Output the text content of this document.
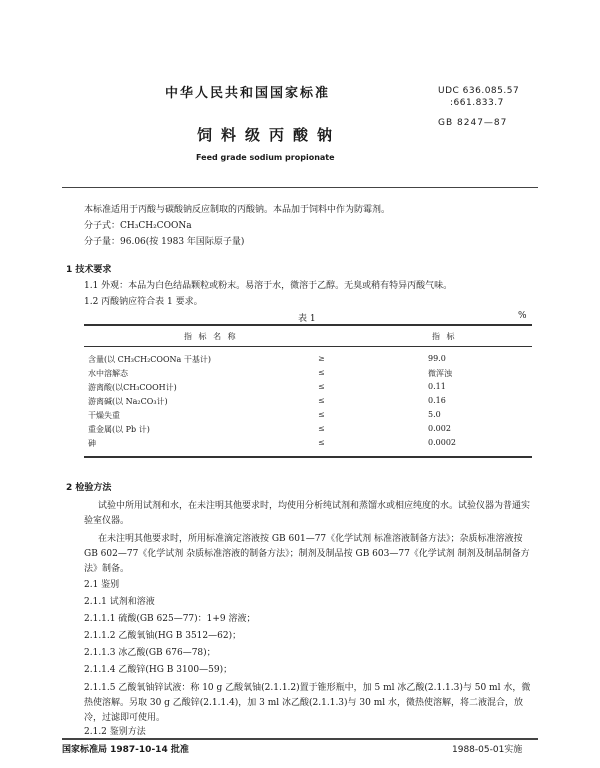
中华人民共和国国家标准	UDC 636.085.57
:661.833.7
GB 8247—87
饲料级丙酸钠
Feed grade sodium propionate
本标准适用于丙酸与碳酸钠反应制取的丙酸钠。本品加于饲料中作为防霉剂。
分子式：CH₃CH₂COONa
分子量：96.06(按 1983 年国际原子量)
1 技术要求
1.1 外观：本品为白色结晶颗粒或粉末。易溶于水，微溶于乙醇。无臭或稍有特异丙酸气味。
1.2 丙酸钠应符合表 1 要求。
表 1	%
指 标 名 称	指 标
含量(以 CH₃CH₂COONa 干基计)	≥	99.0
水中溶解态	≤	微浑浊
游离酸(以CH₃COOH计)	≤	0.11
游离碱(以 Na₂CO₃计)	≤	0.16
干燥失重	≤	5.0
重金属(以 Pb 计)	≤	0.002
砷	≤	0.0002
2 检验方法
试验中所用试剂和水，在未注明其他要求时，均使用分析纯试剂和蒸馏水或相应纯度的水。试验仪器为普通实验室仪器。
在未注明其他要求时，所用标准滴定溶液按 GB 601—77《化学试剂 标准溶液制备方法》；杂质标准溶液按 GB 602—77《化学试剂 杂质标准溶液的制备方法》；制剂及制品按 GB 603—77《化学试剂 制剂及制品制备方法》制备。
2.1 鉴别
2.1.1 试剂和溶液
2.1.1.1 硫酸(GB 625—77)：1+9 溶液；
2.1.1.2 乙酸氧铀(HG B 3512—62)；
2.1.1.3 冰乙酸(GB 676—78)；
2.1.1.4 乙酸锌(HG B 3100—59)；
2.1.1.5 乙酸氧铀锌试液：称 10 g 乙酸氧铀(2.1.1.2)置于锥形瓶中，加 5 ml 冰乙酸(2.1.1.3)与 50 ml 水，微热使溶解。另取 30 g 乙酸锌(2.1.1.4)，加 3 ml 冰乙酸(2.1.1.3)与 30 ml 水，微热使溶解，将二液混合，放冷，过滤即可使用。
2.1.2 鉴别方法
国家标准局 1987-10-14 批准	1988-05-01实施
